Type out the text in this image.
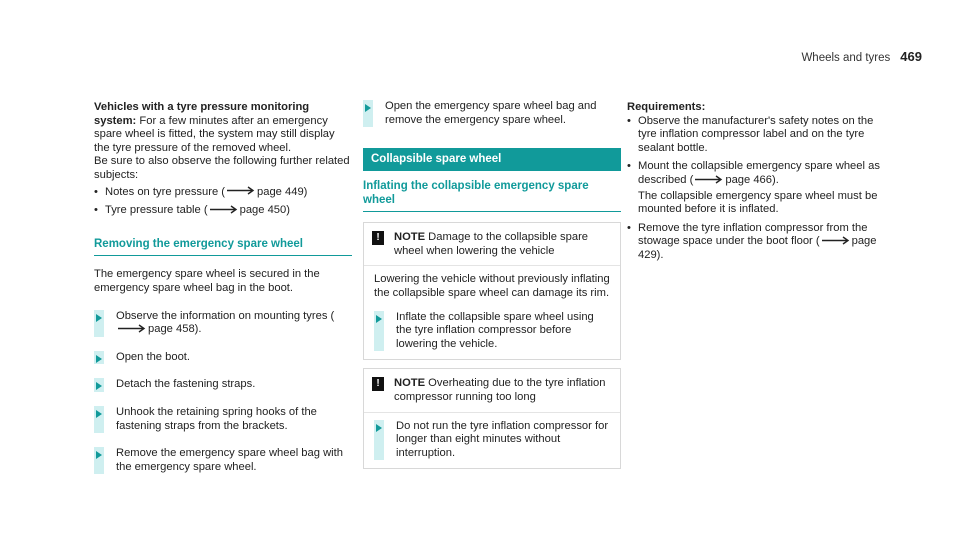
Wheels and tyres 469

Vehicles with a tyre pressure monitoring system: For a few minutes after an emergency spare wheel is fitted, the system may still display the tyre pressure of the removed wheel.

Be sure to also observe the following further related subjects:

• Notes on tyre pressure (	page 449)
• Tyre pressure table (	page 450)
Removing the emergency spare wheel

The emergency spare wheel is secured in the emergency spare wheel bag in the boot.

Observe the information on mounting tyres (page 458).
Open the boot.
Detach the fastening straps.
Unhook the retaining spring hooks of the fastening straps from the brackets.
Remove the emergency spare wheel bag with the emergency spare wheel.
Open the emergency spare wheel bag and remove the emergency spare wheel.
Collapsible spare wheel
Inflating the collapsible emergency spare wheel
!	NOTE Damage to the collapsible spare wheel when lowering the vehicle

Lowering the vehicle without previously inflating the collapsible spare wheel can damage its rim.

Inflate the collapsible spare wheel using the tyre inflation compressor before lowering the vehicle.
!	NOTE Overheating due to the tyre inflation compressor running too long
Do not run the tyre inflation compressor for longer than eight minutes without interruption.

Requirements:

• Observe the manufacturer's safety notes on the tyre inflation compressor label and on the tyre sealant bottle.
• Mount the collapsible emergency spare wheel as described (	page 466).

The collapsible emergency spare wheel must be mounted before it is inflated.

• Remove the tyre inflation compressor from the stowage space under the boot floor (	page 429).
